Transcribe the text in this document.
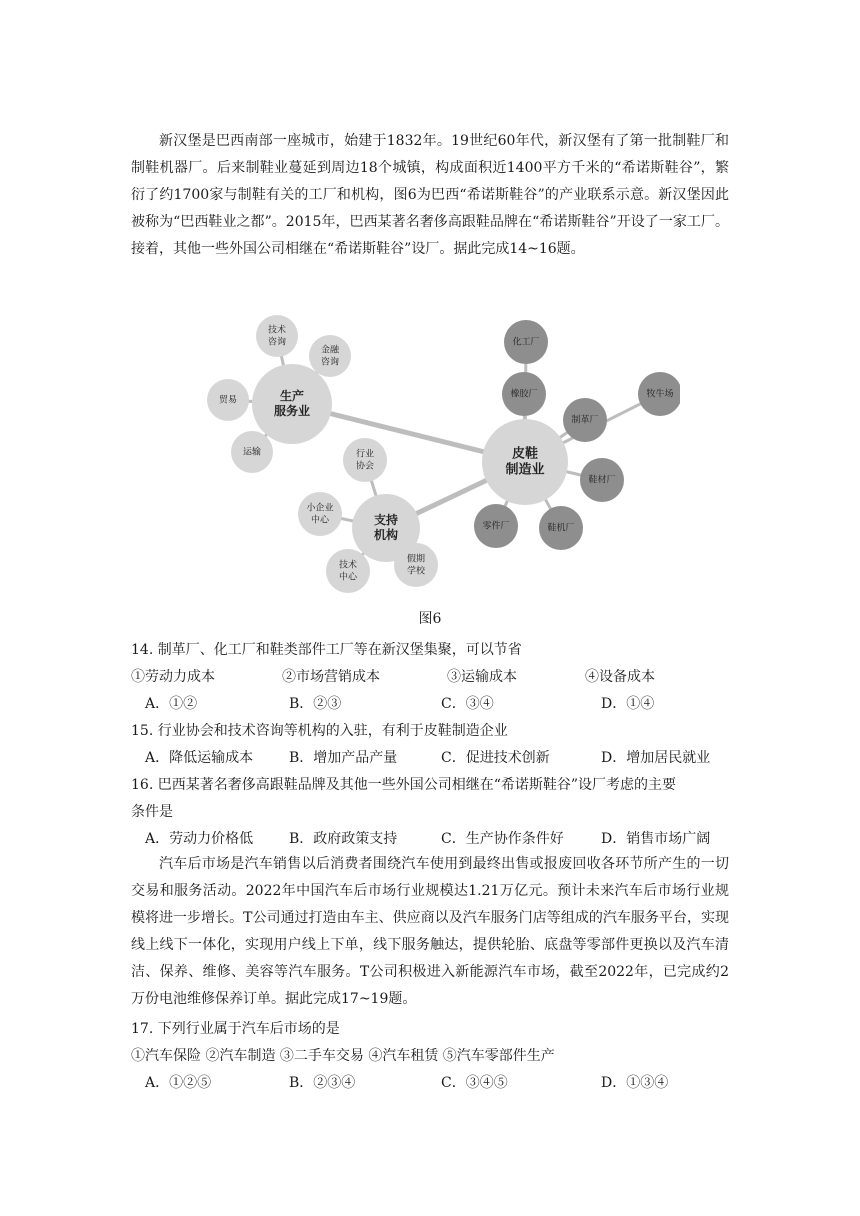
新汉堡是巴西南部一座城市，始建于1832年。19世纪60年代，新汉堡有了第一批制鞋厂和制鞋机器厂。后来制鞋业蔓延到周边18个城镇，构成面积近1400平方千米的“希诺斯鞋谷”，繁衍了约1700家与制鞋有关的工厂和机构，图6为巴西“希诺斯鞋谷”的产业联系示意。新汉堡因此被称为“巴西鞋业之都”。2015年，巴西某著名奢侈高跟鞋品牌在“希诺斯鞋谷”开设了一家工厂。接着，其他一些外国公司相继在“希诺斯鞋谷”设厂。据此完成14~16题。
技术
咨询
金融
咨询
贸易
运输
化工厂
橡胶厂	牧牛场
制革厂
鞋材厂
鞋机厂
零件厂
行业
协会
小企业
中心
技术
中心
假期
学校
生产
服务业
皮鞋
制造业
支持
机构
图6
14. 制革厂、化工厂和鞋类部件工厂等在新汉堡集聚，可以节省
①劳动力成本	②市场营销成本	③运输成本	④设备成本
A．①②	B．②③	C．③④	D．①④
15. 行业协会和技术咨询等机构的入驻，有利于皮鞋制造企业
A．降低运输成本	B．增加产品产量	C．促进技术创新	D．增加居民就业
16. 巴西某著名奢侈高跟鞋品牌及其他一些外国公司相继在“希诺斯鞋谷”设厂考虑的主要
条件是
A．劳动力价格低	B．政府政策支持	C．生产协作条件好	D．销售市场广阔
汽车后市场是汽车销售以后消费者围绕汽车使用到最终出售或报废回收各环节所产生的一切交易和服务活动。2022年中国汽车后市场行业规模达1.21万亿元。预计未来汽车后市场行业规模将进一步增长。T公司通过打造由车主、供应商以及汽车服务门店等组成的汽车服务平台，实现线上线下一体化，实现用户线上下单，线下服务触达，提供轮胎、底盘等零部件更换以及汽车清洁、保养、维修、美容等汽车服务。T公司积极进入新能源汽车市场，截至2022年，已完成约2万份电池维修保养订单。据此完成17~19题。
17. 下列行业属于汽车后市场的是
①汽车保险 ②汽车制造 ③二手车交易 ④汽车租赁 ⑤汽车零部件生产
A．①②⑤	B．②③④	C．③④⑤	D．①③④
